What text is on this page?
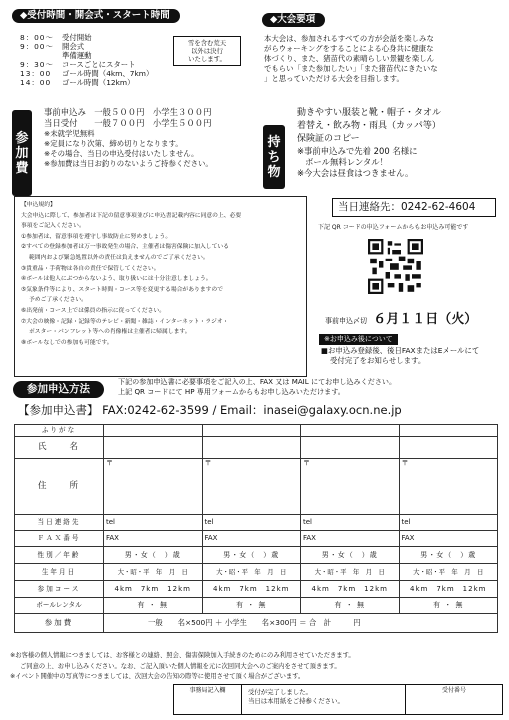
◆受付時間・開会式・スタート時間
8：00～	受付開始
9：00～	開会式
準備運動
9：30～	コースごとにスタート
13：00	ゴール時間（4km、7km）
14：00	ゴール時間（12km）
雪を含む荒天
以外は決行
いたします。
◆大会要項
本大会は、参加されるすべての方が会話を楽しみな
がらウォーキングをすることによる心身共に健康な
体づくり、また、猪苗代の素晴らしい景観を楽しん
でもらい「また参加したい」「また猪苗代にきたいな
」と思っていただける大会を目指します。
参
加
費
事前申込み　一般５００円　小学生３００円
当日受付　　一般７００円　小学生５００円
※未就学児無料
※定員になり次第、締め切りとなります。
※その場合、当日の申込受付はいたしません。
※参加費は当日お釣りのないようご持参ください。
持
ち
物
動きやすい服装と靴・帽子・タオル
着替え・飲み物・雨具（カッパ等）
保険証のコピー
※事前申込みで先着 200 名様に
ボール無料レンタル！
※今大会は昼食はつきません。
【申込規約】
大会申込に際して、参加者は下記の留意事項並びに申込書記載内容に同意の上、必要
事項をご記入ください。
①参加者は、留意事項を遵守し事故防止に努めましょう。
②すべての登録参加者は万一事故発生の場合、主催者は傷害保険に加入している
範囲内および緊急処置以外の責任は負えませんのでご了承ください。
③貴重品・手荷物は各自の責任で保管してください。
④ボールは他人にぶつからないよう、取り扱いには十分注意しましょう。
⑤気象条件等により、スタート時間・コース等を変更する場合がありますので
予めご了承ください。
⑥出発前・コース上では係員の指示に従ってください。
⑦大会の映像・記録・記録等のテレビ・新聞・雑誌・インターネット・ラジオ・
ポスター・パンフレット等への肖像権は主催者に帰属します。
⑧ボールなしでの参加も可能です。
当日連絡先：0242-62-4604
下記 QR コードの申込フォームからもお申込み可能です
事前申込〆切 ６月１１日（火）
※お申込み後について
■お申込み登録後、後日FAXまたはEメールにて
受付完了をお知らせします。
参加申込方法
下記の参加申込書に必要事項をご記入の上、FAX 又は MAIL にてお申し込みください。
上記 QR コードにて HP 専用フォームからもお申し込みいただけます。
【参加申込書】 FAX:0242-62-3599 / Email：inasei@galaxy.ocn.ne.jp
ふりがな				
氏　　名				
住　　所	〒	〒	〒	〒
当日連絡先	tel	tel	tel	tel
ＦＡＸ番号	FAX	FAX	FAX	FAX
性別／年齢	男・女（　）歳	男・女（　）歳	男・女（　）歳	男・女（　）歳
生年月日	大・昭・平　年　月　日	大・昭・平　年　月　日	大・昭・平　年　月　日	大・昭・平　年　月　日
参加コース	4km　7km　12km	4km　7km　12km	4km　7km　12km	4km　7km　12km
ボールレンタル	有 ・ 無	有 ・ 無	有 ・ 無	有 ・ 無
参加費	一般　　名×500円 ＋ 小学生　　名×300円 ＝ 合　計　　　円			
※お客様の個人情報につきましては、お客様との連絡、照会、傷害保険加入手続きのためにのみ利用させていただきます。
ご同意の上、お申し込みください。なお、ご記入頂いた個人情報を元に次回同大会へのご案内をさせて頂きます。
※イベント開催中の写真等につきましては、次回大会の告知の際等に使用させて頂く場合がございます。
事務局記入欄	受付が完了しました。
当日は本用紙をご持参ください。
受付番号
